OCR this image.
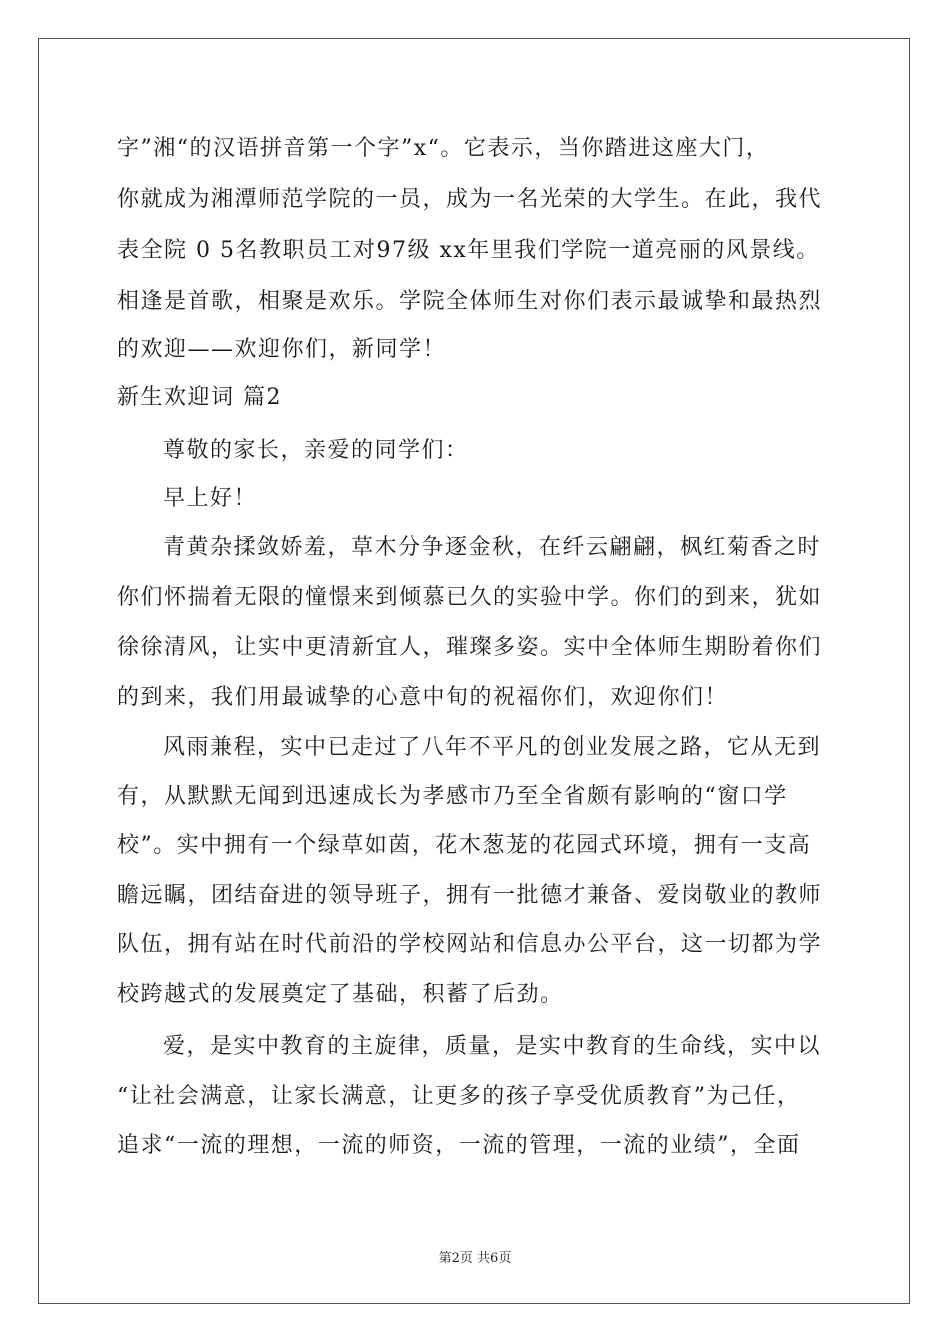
字”湘“的汉语拼音第一个字”x“。它表示，当你踏进这座大门，
你就成为湘潭师范学院的一员，成为一名光荣的大学生。在此，我代
表全院 0 5名教职员工对97级 xx年里我们学院一道亮丽的风景线。
相逢是首歌，相聚是欢乐。学院全体师生对你们表示最诚挚和最热烈
的欢迎——欢迎你们，新同学！
新生欢迎词 篇2
尊敬的家长，亲爱的同学们：
早上好！
青黄杂揉敛娇羞，草木分争逐金秋，在纤云翩翩，枫红菊香之时
你们怀揣着无限的憧憬来到倾慕已久的实验中学。你们的到来，犹如
徐徐清风，让实中更清新宜人，璀璨多姿。实中全体师生期盼着你们
的到来，我们用最诚挚的心意中旬的祝福你们，欢迎你们！
风雨兼程，实中已走过了八年不平凡的创业发展之路，它从无到
有，从默默无闻到迅速成长为孝感市乃至全省颇有影响的“窗口学
校”。实中拥有一个绿草如茵，花木葱茏的花园式环境，拥有一支高
瞻远瞩，团结奋进的领导班子，拥有一批德才兼备、爱岗敬业的教师
队伍，拥有站在时代前沿的学校网站和信息办公平台，这一切都为学
校跨越式的发展奠定了基础，积蓄了后劲。
爱，是实中教育的主旋律，质量，是实中教育的生命线，实中以
“让社会满意，让家长满意，让更多的孩子享受优质教育”为己任，
追求“一流的理想，一流的师资，一流的管理，一流的业绩”，全面
第2页 共6页
